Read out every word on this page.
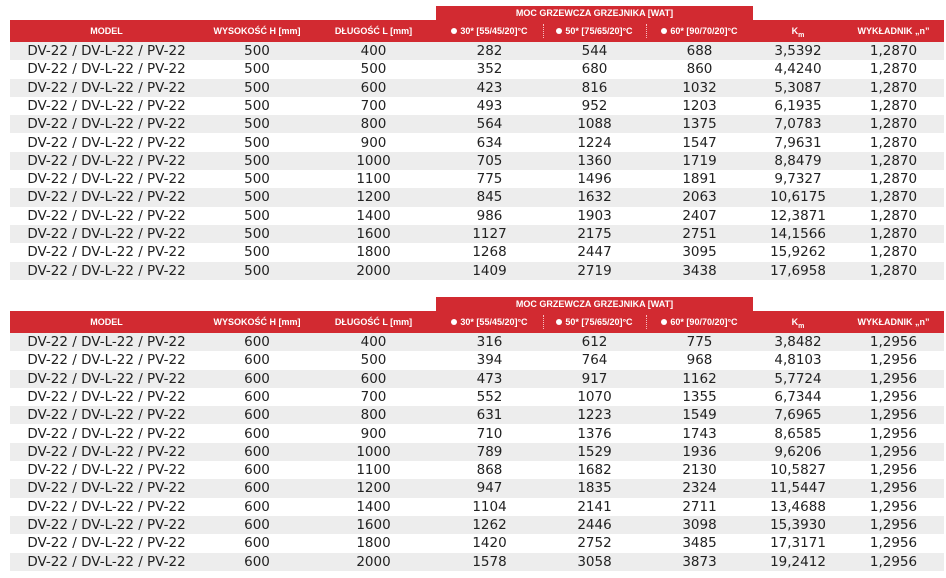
MOC GRZEWCZA GRZEJNIKA [WAT]
MODEL	WYSOKOŚĆ H [mm]	DŁUGOŚĆ L [mm]	30* [55/45/20]°C	50* [75/65/20]°C	60* [90/70/20]°C	$K_m$	WYKŁADNIK „n”
DV-22 / DV-L-22 / PV-22	500	400	282	544	688	3,5392	1,2870
DV-22 / DV-L-22 / PV-22	500	500	352	680	860	4,4240	1,2870
DV-22 / DV-L-22 / PV-22	500	600	423	816	1032	5,3087	1,2870
DV-22 / DV-L-22 / PV-22	500	700	493	952	1203	6,1935	1,2870
DV-22 / DV-L-22 / PV-22	500	800	564	1088	1375	7,0783	1,2870
DV-22 / DV-L-22 / PV-22	500	900	634	1224	1547	7,9631	1,2870
DV-22 / DV-L-22 / PV-22	500	1000	705	1360	1719	8,8479	1,2870
DV-22 / DV-L-22 / PV-22	500	1100	775	1496	1891	9,7327	1,2870
DV-22 / DV-L-22 / PV-22	500	1200	845	1632	2063	10,6175	1,2870
DV-22 / DV-L-22 / PV-22	500	1400	986	1903	2407	12,3871	1,2870
DV-22 / DV-L-22 / PV-22	500	1600	1127	2175	2751	14,1566	1,2870
DV-22 / DV-L-22 / PV-22	500	1800	1268	2447	3095	15,9262	1,2870
DV-22 / DV-L-22 / PV-22	500	2000	1409	2719	3438	17,6958	1,2870
MOC GRZEWCZA GRZEJNIKA [WAT]
MODEL	WYSOKOŚĆ H [mm]	DŁUGOŚĆ L [mm]	30* [55/45/20]°C	50* [75/65/20]°C	60* [90/70/20]°C	$K_m$	WYKŁADNIK „n”
DV-22 / DV-L-22 / PV-22	600	400	316	612	775	3,8482	1,2956
DV-22 / DV-L-22 / PV-22	600	500	394	764	968	4,8103	1,2956
DV-22 / DV-L-22 / PV-22	600	600	473	917	1162	5,7724	1,2956
DV-22 / DV-L-22 / PV-22	600	700	552	1070	1355	6,7344	1,2956
DV-22 / DV-L-22 / PV-22	600	800	631	1223	1549	7,6965	1,2956
DV-22 / DV-L-22 / PV-22	600	900	710	1376	1743	8,6585	1,2956
DV-22 / DV-L-22 / PV-22	600	1000	789	1529	1936	9,6206	1,2956
DV-22 / DV-L-22 / PV-22	600	1100	868	1682	2130	10,5827	1,2956
DV-22 / DV-L-22 / PV-22	600	1200	947	1835	2324	11,5447	1,2956
DV-22 / DV-L-22 / PV-22	600	1400	1104	2141	2711	13,4688	1,2956
DV-22 / DV-L-22 / PV-22	600	1600	1262	2446	3098	15,3930	1,2956
DV-22 / DV-L-22 / PV-22	600	1800	1420	2752	3485	17,3171	1,2956
DV-22 / DV-L-22 / PV-22	600	2000	1578	3058	3873	19,2412	1,2956
